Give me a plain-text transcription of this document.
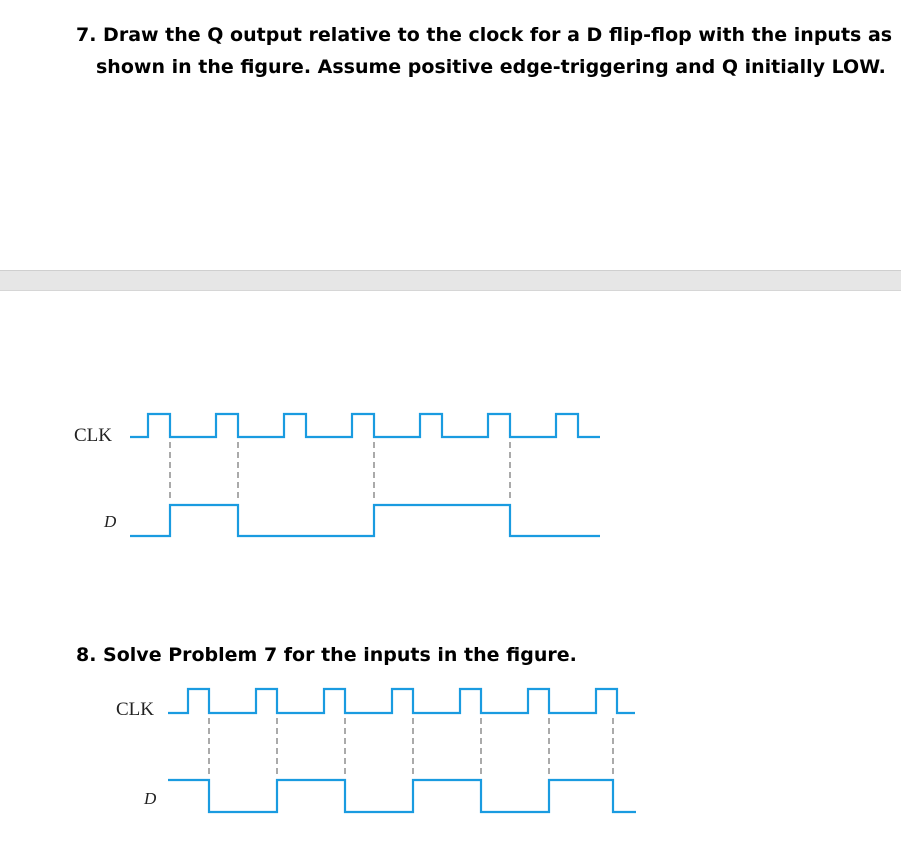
7. Draw the Q output relative to the clock for a D flip-flop with the inputs as
shown in the figure. Assume positive edge-triggering and Q initially LOW.
CLK
D
CLK
D
8. Solve Problem 7 for the inputs in the figure.
